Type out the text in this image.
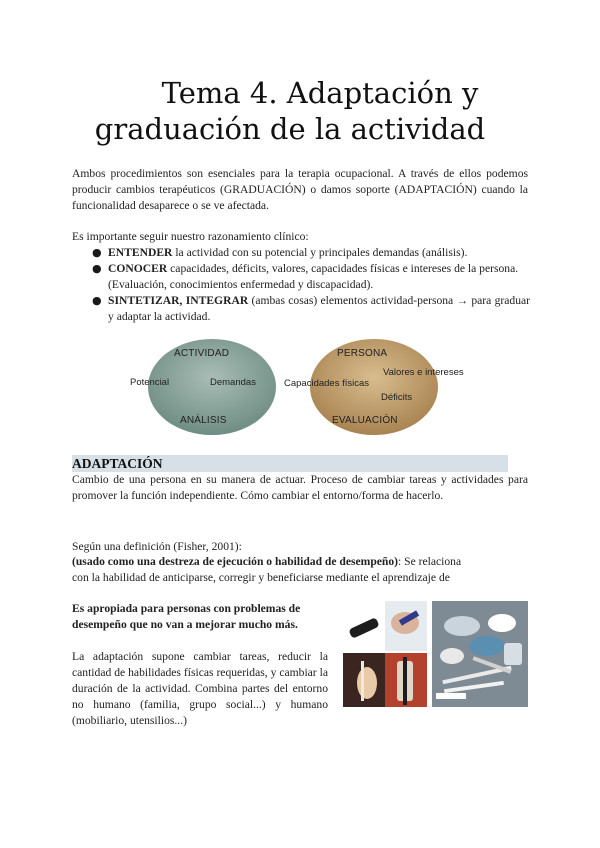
Tema 4. Adaptación y
graduación de la actividad
Ambos procedimientos son esenciales para la terapia ocupacional. A través de ellos podemos producir cambios terapéuticos (GRADUACIÓN) o damos soporte (ADAPTACIÓN) cuando la funcionalidad desaparece o se ve afectada.
Es importante seguir nuestro razonamiento clínico:
● ENTENDER la actividad con su potencial y principales demandas (análisis).
● CONOCER capacidades, déficits, valores, capacidades físicas e intereses de la persona. (Evaluación, conocimientos enfermedad y discapacidad).
● SINTETIZAR, INTEGRAR (ambas cosas) elementos actividad-persona → para graduar y adaptar la actividad.
ACTIVIDAD
Potencial	Demandas
ANÁLISIS
PERSONA
Valores e intereses
Capacidades físicas
Déficits
EVALUACIÓN
ADAPTACIÓN
Cambio de una persona en su manera de actuar. Proceso de cambiar tareas y actividades para promover la función independiente. Cómo cambiar el entorno/forma de hacerlo.
Según una definición (Fisher, 2001):
(usado como una destreza de ejecución o habilidad de desempeño): Se relaciona
con la habilidad de anticiparse, corregir y beneficiarse mediante el aprendizaje de
Es apropiada para personas con problemas de desempeño que no van a mejorar mucho más.
La adaptación supone cambiar tareas, reducir la cantidad de habilidades físicas requeridas, y cambiar la duración de la actividad. Combina partes del entorno no humano (familia, grupo social...) y humano (mobiliario, utensilios...)
